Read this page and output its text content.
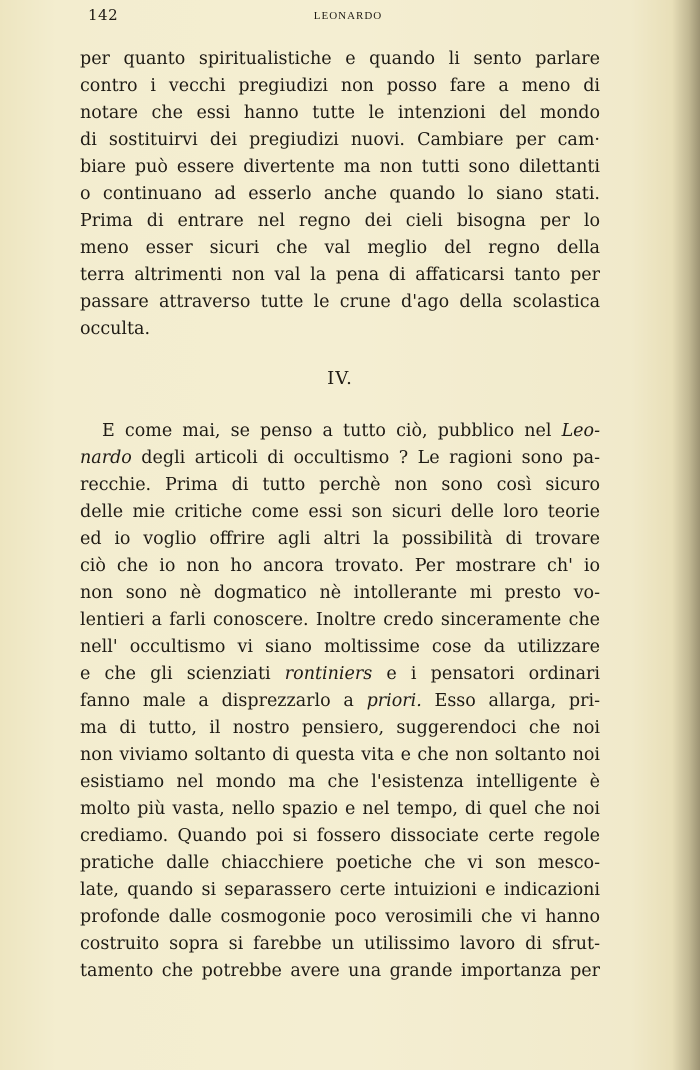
142	LEONARDO
per quanto spiritualistiche e quando li sento parlare
contro i vecchi pregiudizi non posso fare a meno di
notare che essi hanno tutte le intenzioni del mondo
di sostituirvi dei pregiudizi nuovi. Cambiare per cam·
biare può essere divertente ma non tutti sono dilettanti
o continuano ad esserlo anche quando lo siano stati.
Prima di entrare nel regno dei cieli bisogna per lo
meno esser sicuri che val meglio del regno della
terra altrimenti non val la pena di affaticarsi tanto per
passare attraverso tutte le crune d'ago della scolastica
occulta.
IV.
E come mai, se penso a tutto ciò, pubblico nel Leo-
nardo degli articoli di occultismo ? Le ragioni sono pa-
recchie. Prima di tutto perchè non sono così sicuro
delle mie critiche come essi son sicuri delle loro teorie
ed io voglio offrire agli altri la possibilità di trovare
ciò che io non ho ancora trovato. Per mostrare ch' io
non sono nè dogmatico nè intollerante mi presto vo-
lentieri a farli conoscere. Inoltre credo sinceramente che
nell' occultismo vi siano moltissime cose da utilizzare
e che gli scienziati rontiniers e i pensatori ordinari
fanno male a disprezzarlo a priori. Esso allarga, pri-
ma di tutto, il nostro pensiero, suggerendoci che noi
non viviamo soltanto di questa vita e che non soltanto noi
esistiamo nel mondo ma che l'esistenza intelligente è
molto più vasta, nello spazio e nel tempo, di quel che noi
crediamo. Quando poi si fossero dissociate certe regole
pratiche dalle chiacchiere poetiche che vi son mesco-
late, quando si separassero certe intuizioni e indicazioni
profonde dalle cosmogonie poco verosimili che vi hanno
costruito sopra si farebbe un utilissimo lavoro di sfrut-
tamento che potrebbe avere una grande importanza per
